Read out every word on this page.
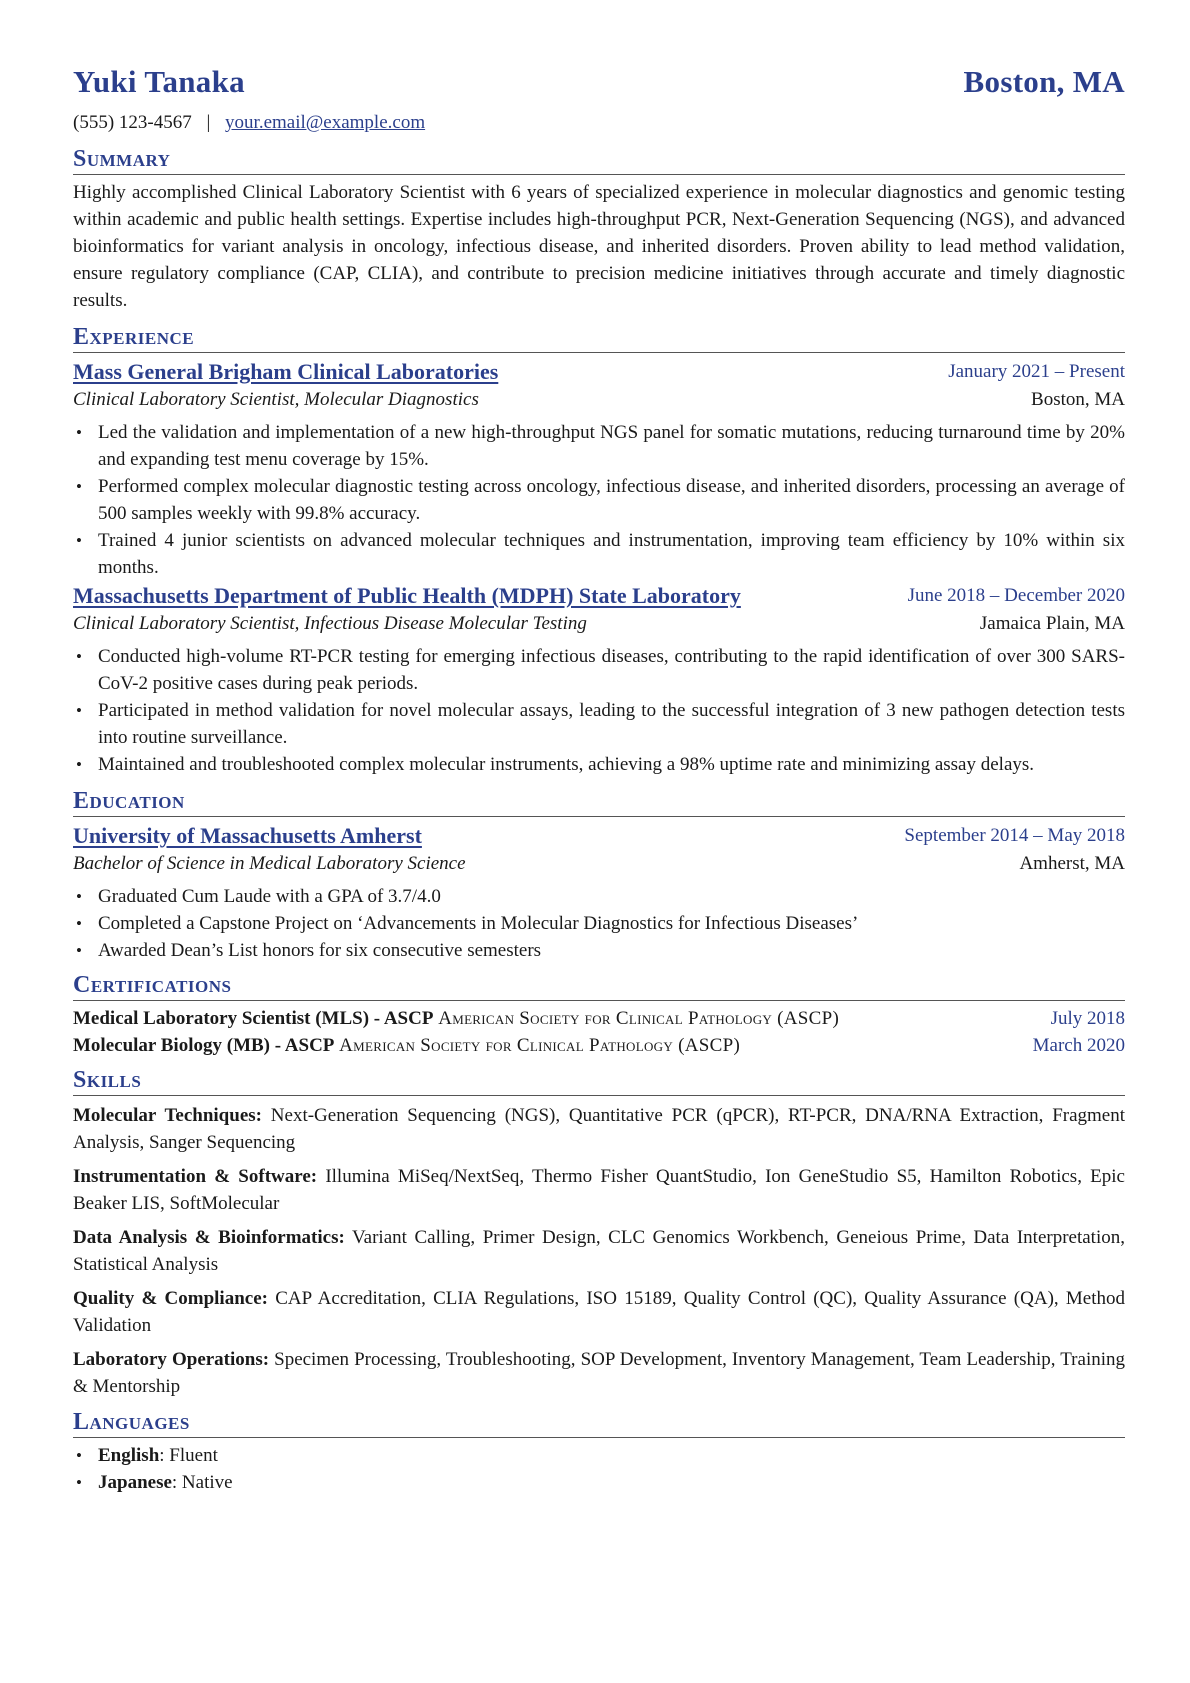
Yuki Tanaka	Boston, MA
(555) 123-4567 | your.email@example.com
Summary
Highly accomplished Clinical Laboratory Scientist with 6 years of specialized experience in molecular diagnostics and genomic testing within academic and public health settings. Expertise includes high-throughput PCR, Next-Generation Sequencing (NGS), and advanced bioinformatics for variant analysis in oncology, infectious disease, and inherited disorders. Proven ability to lead method validation, ensure regulatory compliance (CAP, CLIA), and contribute to precision medicine initiatives through accurate and timely diagnostic results.
Experience
Mass General Brigham Clinical Laboratories	January 2021 – Present
Clinical Laboratory Scientist, Molecular Diagnostics	Boston, MA
• Led the validation and implementation of a new high-throughput NGS panel for somatic mutations, reducing turnaround time by 20% and expanding test menu coverage by 15%.
• Performed complex molecular diagnostic testing across oncology, infectious disease, and inherited disorders, processing an average of 500 samples weekly with 99.8% accuracy.
• Trained 4 junior scientists on advanced molecular techniques and instrumentation, improving team efficiency by 10% within six months.
Massachusetts Department of Public Health (MDPH) State Laboratory	June 2018 – December 2020
Clinical Laboratory Scientist, Infectious Disease Molecular Testing	Jamaica Plain, MA
• Conducted high-volume RT-PCR testing for emerging infectious diseases, contributing to the rapid identification of over 300 SARS-CoV-2 positive cases during peak periods.
• Participated in method validation for novel molecular assays, leading to the successful integration of 3 new pathogen detection tests into routine surveillance.
• Maintained and troubleshooted complex molecular instruments, achieving a 98% uptime rate and minimizing assay delays.
Education
University of Massachusetts Amherst	September 2014 – May 2018
Bachelor of Science in Medical Laboratory Science	Amherst, MA
• Graduated Cum Laude with a GPA of 3.7/4.0
• Completed a Capstone Project on ‘Advancements in Molecular Diagnostics for Infectious Diseases’
• Awarded Dean’s List honors for six consecutive semesters
Certifications
Medical Laboratory Scientist (MLS) - ASCP American Society for Clinical Pathology (ASCP)	July 2018
Molecular Biology (MB) - ASCP American Society for Clinical Pathology (ASCP)	March 2020
Skills
Molecular Techniques: Next-Generation Sequencing (NGS), Quantitative PCR (qPCR), RT-PCR, DNA/RNA Extraction, Fragment Analysis, Sanger Sequencing
Instrumentation & Software: Illumina MiSeq/NextSeq, Thermo Fisher QuantStudio, Ion GeneStudio S5, Hamilton Robotics, Epic Beaker LIS, SoftMolecular
Data Analysis & Bioinformatics: Variant Calling, Primer Design, CLC Genomics Workbench, Geneious Prime, Data Interpretation, Statistical Analysis
Quality & Compliance: CAP Accreditation, CLIA Regulations, ISO 15189, Quality Control (QC), Quality Assurance (QA), Method Validation
Laboratory Operations: Specimen Processing, Troubleshooting, SOP Development, Inventory Management, Team Leadership, Training & Mentorship
Languages
• English: Fluent
• Japanese: Native
